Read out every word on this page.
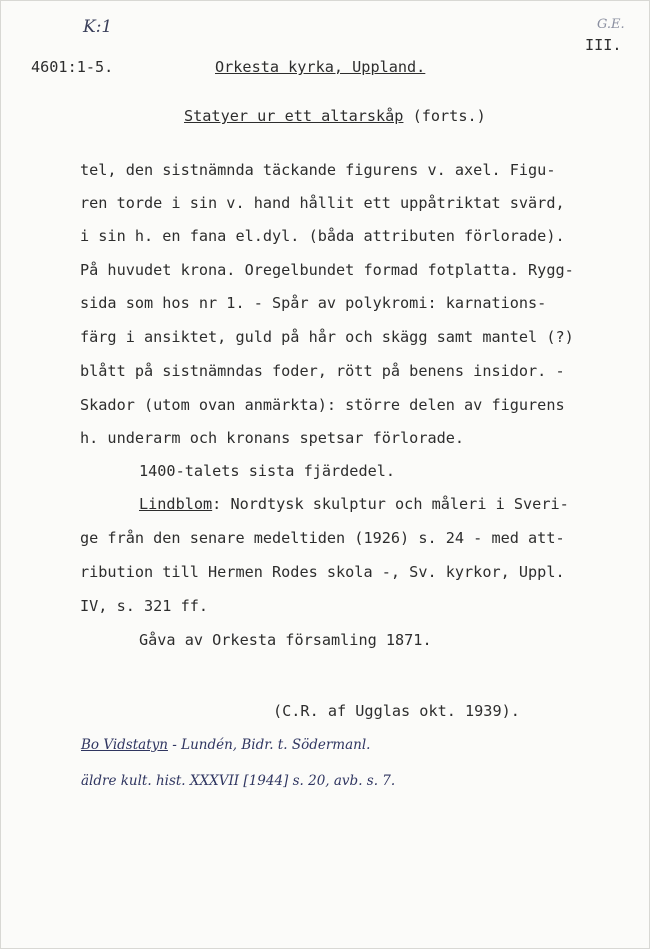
K:1	G.E.
III.
4601:1-5.	Orkesta kyrka, Uppland.
Statyer ur ett altarskåp (forts.)
tel, den sistnämnda täckande figurens v. axel. Figu-
ren torde i sin v. hand hållit ett uppåtriktat svärd,
i sin h. en fana el.dyl. (båda attributen förlorade).
På huvudet krona. Oregelbundet formad fotplatta. Rygg-
sida som hos nr 1. - Spår av polykromi: karnations-
färg i ansiktet, guld på hår och skägg samt mantel (?)
blått på sistnämndas foder, rött på benens insidor. -
Skador (utom ovan anmärkta): större delen av figurens
h. underarm och kronans spetsar förlorade.
1400-talets sista fjärdedel.
Lindblom: Nordtysk skulptur och måleri i Sveri-
ge från den senare medeltiden (1926) s. 24 - med att-
ribution till Hermen Rodes skola -, Sv. kyrkor, Uppl.
IV, s. 321 ff.
Gåva av Orkesta församling 1871.
(C.R. af Ugglas okt. 1939).
Bo Vidstatyn - Lundén, Bidr. t. Södermanl.
äldre kult. hist. XXXVII [1944] s. 20, avb. s. 7.
